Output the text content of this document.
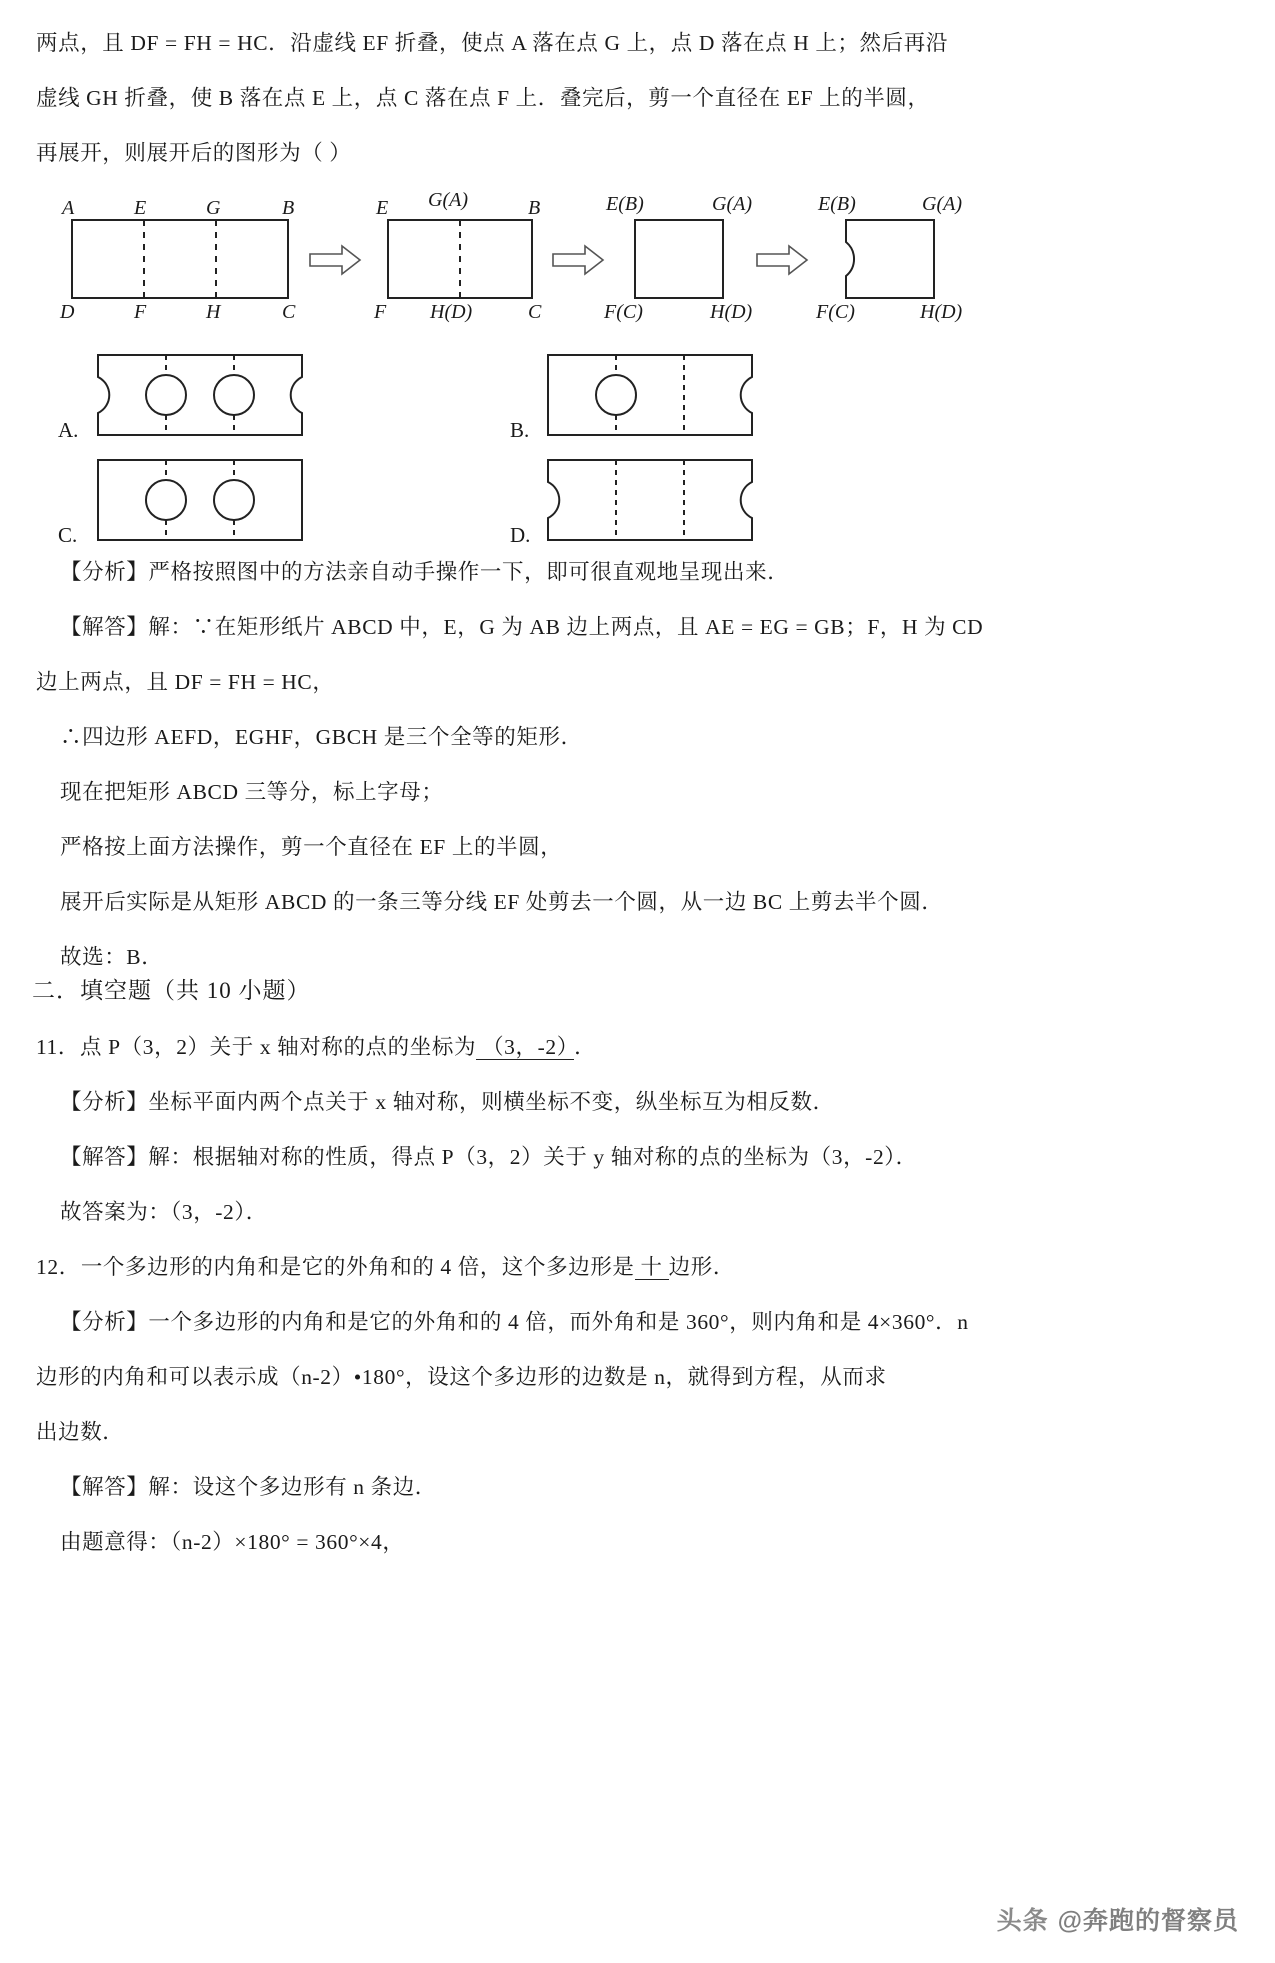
两点，且 DF = FH = HC．沿虚线 EF 折叠，使点 A 落在点 G 上，点 D 落在点 H 上；然后再沿
虚线 GH 折叠，使 B 落在点 E 上，点 C 落在点 F 上．叠完后，剪一个直径在 EF 上的半圆，
再展开，则展开后的图形为（ ）
A	E	G	B
D	F	H	C
E G(A)	B
F H(D)	C
E(B)	G(A)
F(C)	H(D)
E(B)	G(A)
F(C)	H(D)
A.	B.
C.	D.
【分析】严格按照图中的方法亲自动手操作一下，即可很直观地呈现出来．
【解答】解：∵在矩形纸片 ABCD 中，E，G 为 AB 边上两点，且 AE = EG = GB；F，H 为 CD
边上两点，且 DF = FH = HC，
∴四边形 AEFD，EGHF，GBCH 是三个全等的矩形．
现在把矩形 ABCD 三等分，标上字母；
严格按上面方法操作，剪一个直径在 EF 上的半圆，
展开后实际是从矩形 ABCD 的一条三等分线 EF 处剪去一个圆，从一边 BC 上剪去半个圆．
故选：B．
二．填空题（共 10 小题）
11．点 P（3，2）关于 x 轴对称的点的坐标为 （3，-2） ．
【分析】坐标平面内两个点关于 x 轴对称，则横坐标不变，纵坐标互为相反数．
【解答】解：根据轴对称的性质，得点 P（3，2）关于 y 轴对称的点的坐标为（3，-2）．
故答案为：（3，-2）．
12．一个多边形的内角和是它的外角和的 4 倍，这个多边形是 十 边形．
【分析】一个多边形的内角和是它的外角和的 4 倍，而外角和是 360°，则内角和是 4×360°．n
边形的内角和可以表示成（n-2）•180°，设这个多边形的边数是 n，就得到方程，从而求
出边数．
【解答】解：设这个多边形有 n 条边．
由题意得：（n-2）×180° = 360°×4，
头条 @奔跑的督察员
